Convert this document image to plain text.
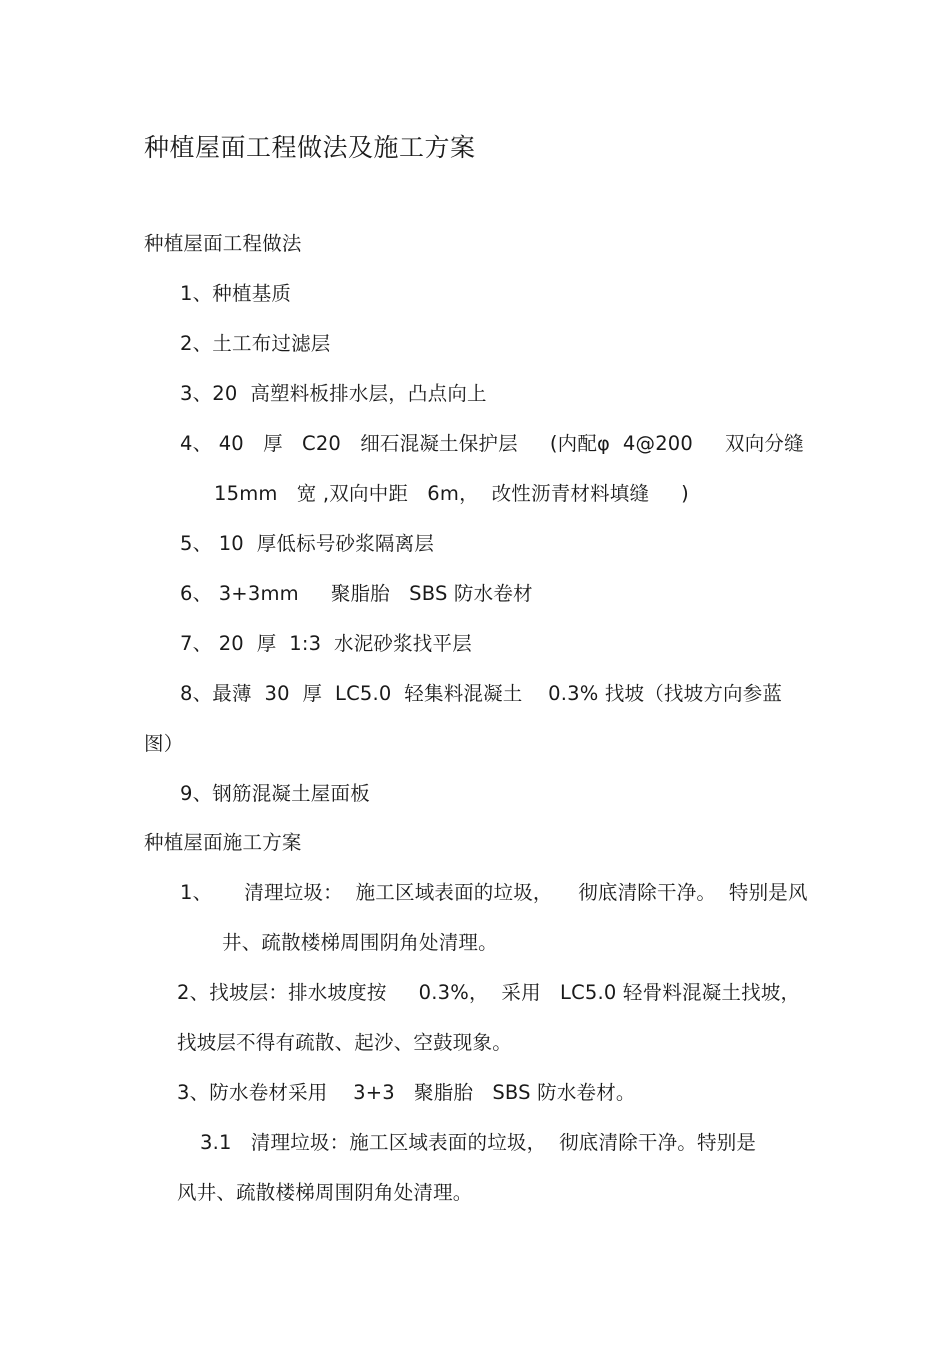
种植屋面工程做法及施工方案
种植屋面工程做法
1、种植基质
2、土工布过滤层
3、20  高塑料板排水层，凸点向上
4、 40   厚   C20   细石混凝土保护层     (内配φ  4@200     双向分缝
15mm   宽 ,双向中距   6m，  改性沥青材料填缝     )
5、 10  厚低标号砂浆隔离层
6、 3+3mm     聚脂胎   SBS 防水卷材
7、 20  厚  1:3  水泥砂浆找平层
8、最薄  30  厚  LC5.0  轻集料混凝土    0.3% 找坡（找坡方向参蓝
图）
9、钢筋混凝土屋面板
种植屋面施工方案
1、     清理垃圾：  施工区域表面的垃圾，    彻底清除干净。  特别是风
井、疏散楼梯周围阴角处清理。
2、找坡层：排水坡度按     0.3%，  采用   LC5.0 轻骨料混凝土找坡，
找坡层不得有疏散、起沙、空鼓现象。
3、防水卷材采用    3+3   聚脂胎   SBS 防水卷材。
3.1   清理垃圾：施工区域表面的垃圾，  彻底清除干净。特别是
风井、疏散楼梯周围阴角处清理。
